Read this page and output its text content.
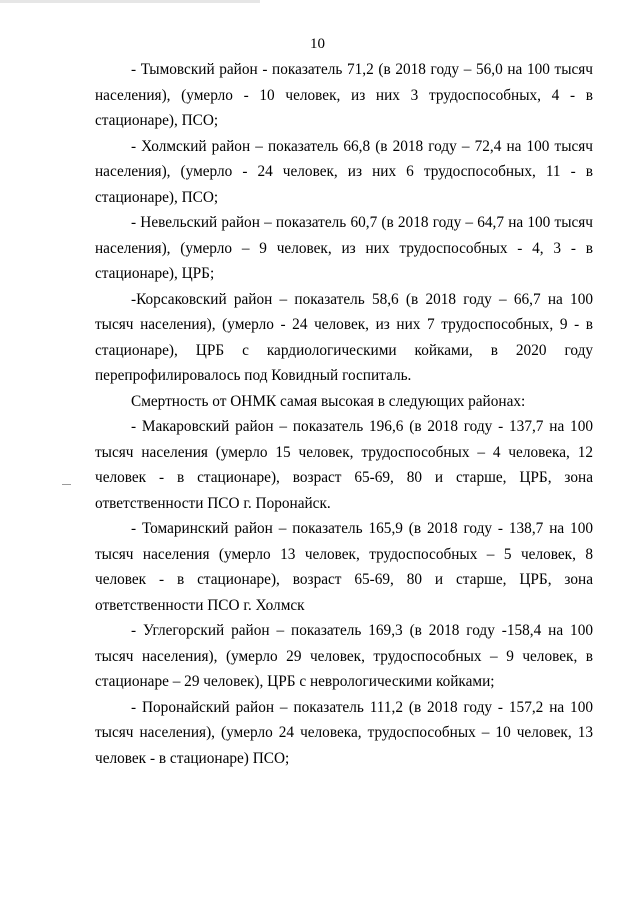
10

- Тымовский район - показатель 71,2 (в 2018 году – 56,0 на 100 тысяч населения), (умерло - 10 человек, из них 3 трудоспособных, 4 - в стационаре), ПСО;

- Холмский район – показатель 66,8 (в 2018 году – 72,4 на 100 тысяч населения), (умерло - 24 человек, из них 6 трудоспособных, 11 - в стационаре), ПСО;

- Невельский район – показатель 60,7 (в 2018 году – 64,7 на 100 тысяч населения), (умерло – 9 человек, из них трудоспособных - 4, 3 - в стационаре), ЦРБ;

-Корсаковский район – показатель 58,6 (в 2018 году – 66,7 на 100 тысяч населения), (умерло - 24 человек, из них 7 трудоспособных, 9 - в стационаре), ЦРБ с кардиологическими койками, в 2020 году перепрофилировалось под Ковидный госпиталь.

Смертность от ОНМК самая высокая в следующих районах:

- Макаровский район – показатель 196,6 (в 2018 году - 137,7 на 100 тысяч населения (умерло 15 человек, трудоспособных – 4 человека, 12 человек - в стационаре), возраст 65-69, 80 и старше, ЦРБ, зона ответственности ПСО г. Поронайск.

- Томаринский район – показатель 165,9 (в 2018 году - 138,7 на 100 тысяч населения (умерло 13 человек, трудоспособных – 5 человек, 8 человек - в стационаре), возраст 65-69, 80 и старше, ЦРБ, зона ответственности ПСО г. Холмск

- Углегорский район – показатель 169,3 (в 2018 году -158,4 на 100 тысяч населения), (умерло 29 человек, трудоспособных – 9 человек, в стационаре – 29 человек), ЦРБ с неврологическими койками;

- Поронайский район – показатель 111,2 (в 2018 году - 157,2 на 100 тысяч населения), (умерло 24 человека, трудоспособных – 10 человек, 13 человек - в стационаре) ПСО;
